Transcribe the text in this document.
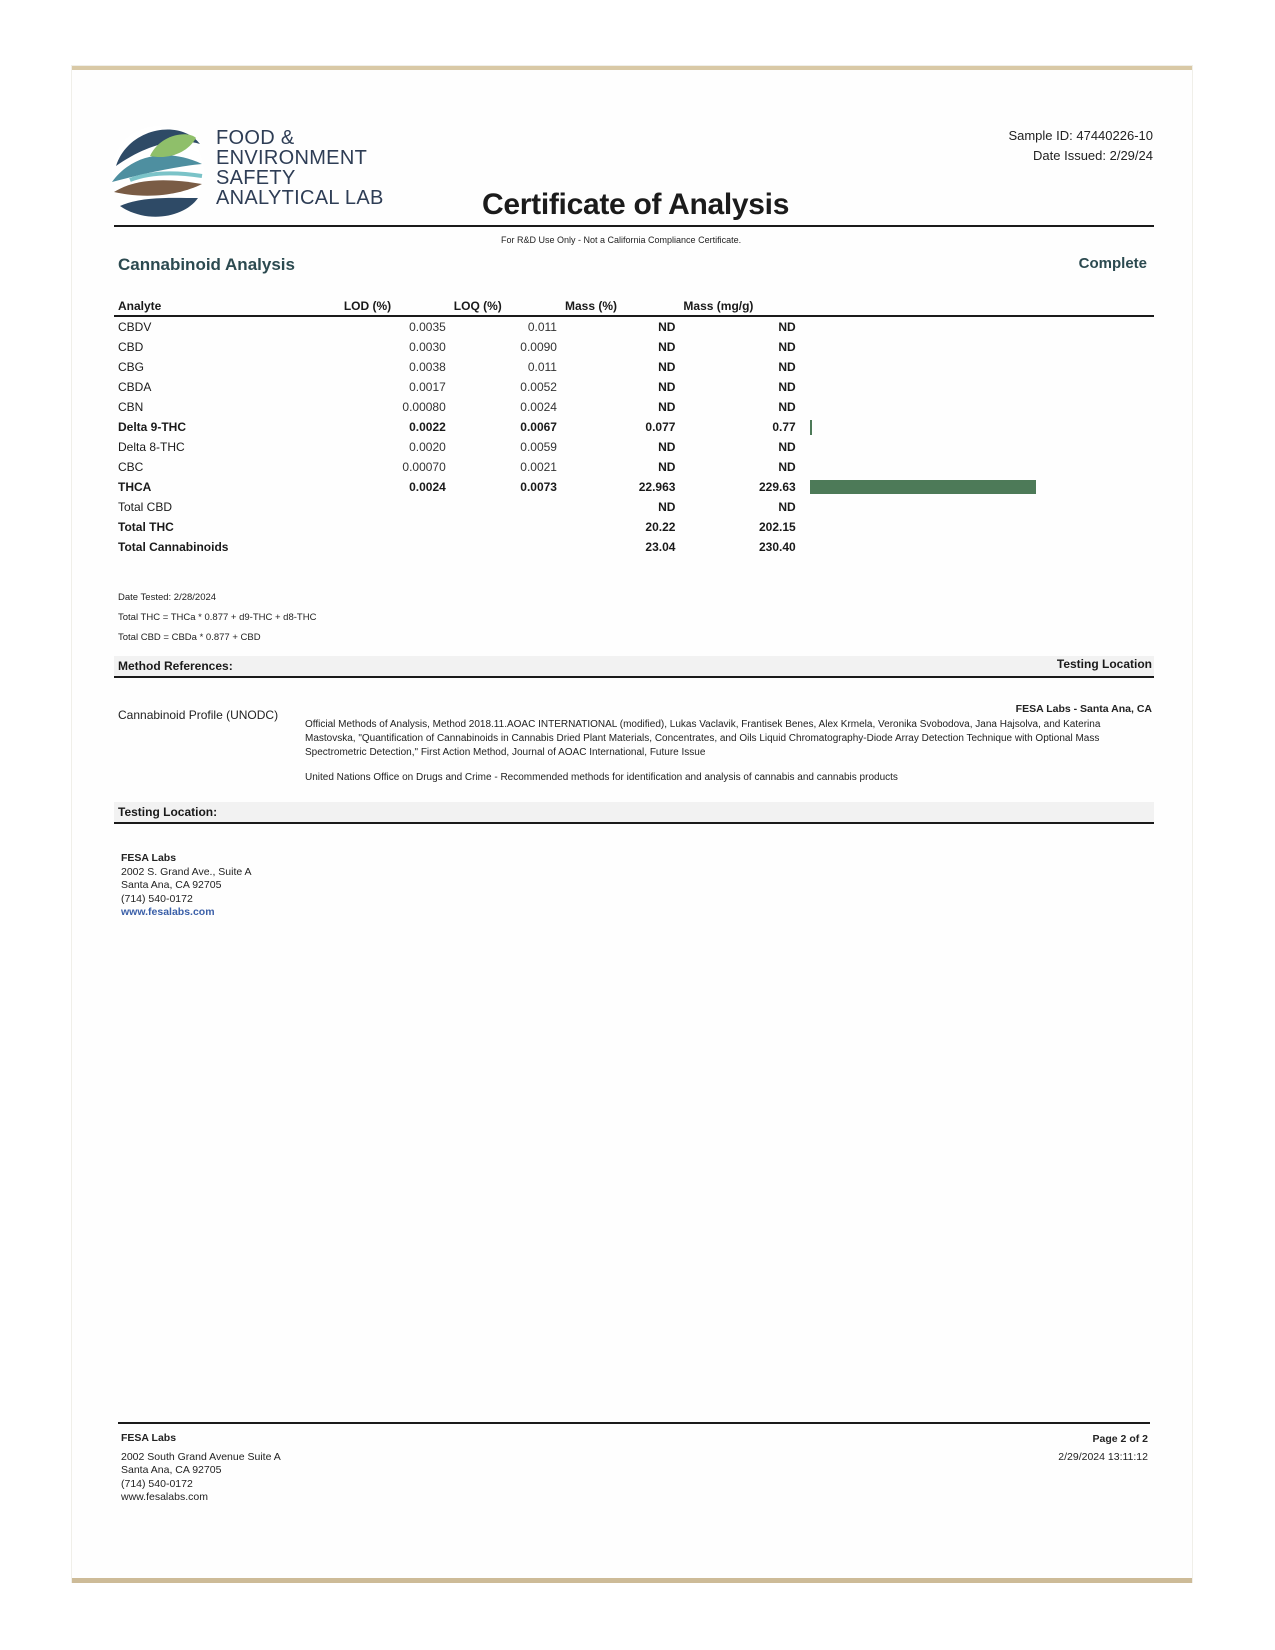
FOOD &
ENVIRONMENT
SAFETY
ANALYTICAL LAB
Sample ID: 47440226-10
Date Issued: 2/29/24
Certificate of Analysis
For R&D Use Only - Not a California Compliance Certificate.
Cannabinoid Analysis	Complete
Analyte	LOD (%)	LOQ (%)	Mass (%)	Mass (mg/g)	
CBDV	0.0035	0.011	ND	ND	
CBD	0.0030	0.0090	ND	ND	
CBG	0.0038	0.011	ND	ND	
CBDA	0.0017	0.0052	ND	ND	
CBN	0.00080	0.0024	ND	ND	
Delta 9-THC	0.0022	0.0067	0.077	0.77	

Delta 8-THC	0.0020	0.0059	ND	ND	
CBC	0.00070	0.0021	ND	ND	
THCA	0.0024	0.0073	22.963	229.63	

Total CBD			ND	ND	
Total THC			20.22	202.15	
Total Cannabinoids			23.04	230.40	
Date Tested: 2/28/2024
Total THC = THCa * 0.877 + d9-THC + d8-THC
Total CBD = CBDa * 0.877 + CBD
Method References:	Testing Location
Cannabinoid Profile (UNODC)	FESA Labs - Santa Ana, CA
Official Methods of Analysis, Method 2018.11.AOAC INTERNATIONAL (modified), Lukas Vaclavik, Frantisek Benes, Alex Krmela, Veronika Svobodova, Jana Hajsolva, and Katerina Mastovska, "Quantification of Cannabinoids in Cannabis Dried Plant Materials, Concentrates, and Oils Liquid Chromatography-Diode Array Detection Technique with Optional Mass Spectrometric Detection," First Action Method, Journal of AOAC International, Future Issue
United Nations Office on Drugs and Crime - Recommended methods for identification and analysis of cannabis and cannabis products
Testing Location:
FESA Labs
2002 S. Grand Ave., Suite A
Santa Ana, CA 92705
(714) 540-0172
www.fesalabs.com
FESA Labs
2002 South Grand Avenue Suite A
Santa Ana, CA 92705
(714) 540-0172
www.fesalabs.com
Page 2 of 2
2/29/2024 13:11:12
